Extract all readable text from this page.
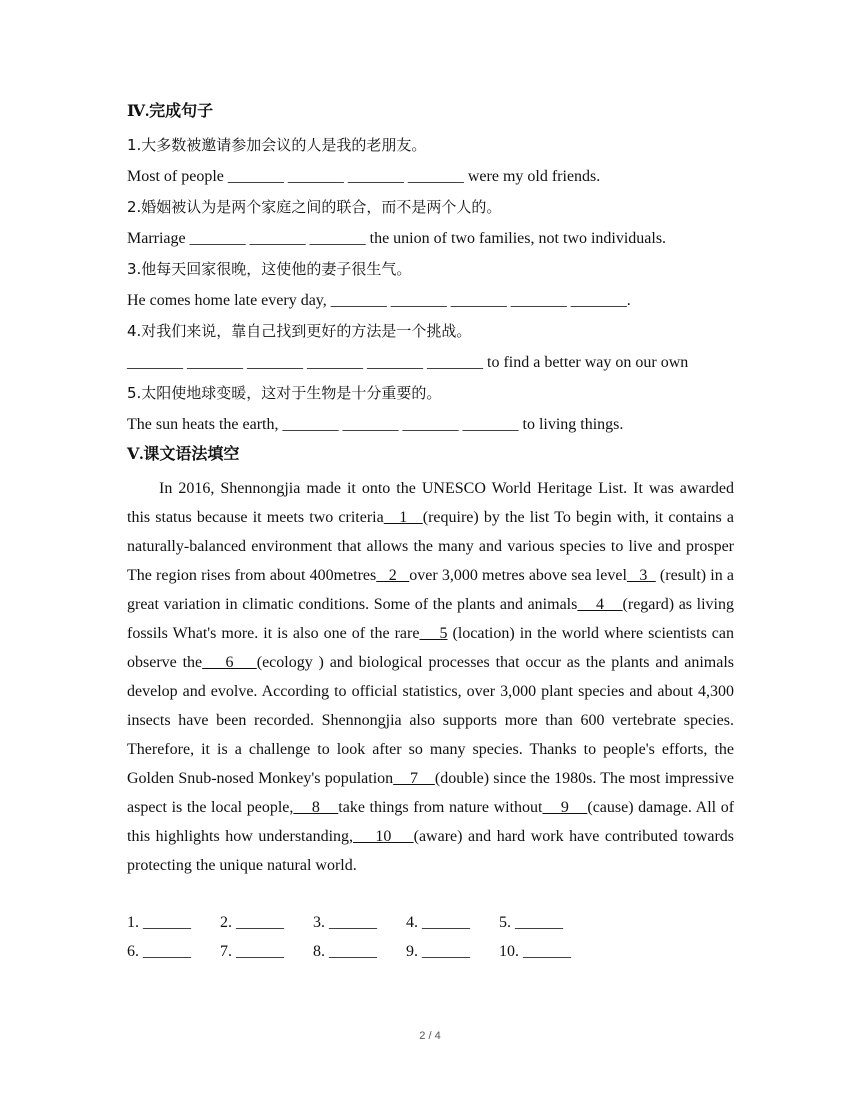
Ⅳ.完成句子
1.大多数被邀请参加会议的人是我的老朋友。
Most of people _______ _______ _______ _______ were my old friends.
2.婚姻被认为是两个家庭之间的联合，而不是两个人的。
Marriage _______ _______ _______ the union of two families, not two individuals.
3.他每天回家很晚，这使他的妻子很生气。
He comes home late every day, _______ _______ _______ _______ _______.
4.对我们来说，靠自己找到更好的方法是一个挑战。
_______ _______ _______ _______ _______ _______ to find a better way on our own
5.太阳使地球变暖，这对于生物是十分重要的。
The sun heats the earth, _______ _______ _______ _______ to living things.
Ⅴ.课文语法填空

In 2016, Shennongjia made it onto the UNESCO World Heritage List. It was awarded this status because it meets two criteria   1   (require) by the list To begin with, it contains a naturally-balanced environment that allows the many and various species to live and prosper The region rises from about 400metres   2   over 3,000 metres above sea level   3   (result) in a great variation in climatic conditions. Some of the plants and animals    4    (regard) as living fossils What's more. it is also one of the rare    5 (location) in the world where scientists can observe the    6    (ecology ) and biological processes that occur as the plants and animals develop and evolve. According to official statistics, over 3,000 plant species and about 4,300 insects have been recorded. Shennongjia also supports more than 600 vertebrate species. Therefore, it is a challenge to look after so many species. Thanks to people's efforts, the Golden Snub-nosed Monkey's population    7    (double) since the 1980s. The most impressive aspect is the local people,    8    take things from nature without    9    (cause) damage. All of this highlights how understanding,    10    (aware) and hard work have contributed towards protecting the unique natural world.

1. ______ 2. ______ 3. ______ 4. ______ 5. ______
6. ______ 7. ______ 8. ______ 9. ______ 10. ______
2 / 4
